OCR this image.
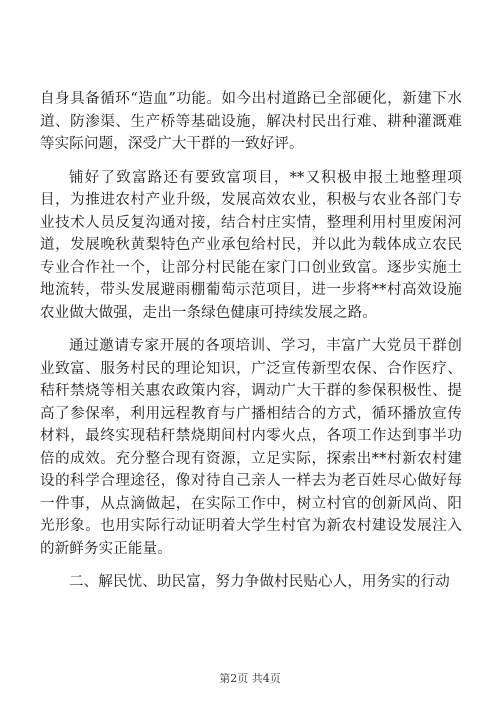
自身具备循环“造血”功能。如今出村道路已全部硬化，新建下水道、防渗渠、生产桥等基础设施，解决村民出行难、耕种灌溉难等实际问题，深受广大干群的一致好评。

铺好了致富路还有要致富项目，**又积极申报土地整理项目，为推进农村产业升级，发展高效农业，积极与农业各部门专业技术人员反复沟通对接，结合村庄实情，整理利用村里废闲河道，发展晚秋黄梨特色产业承包给村民，并以此为载体成立农民专业合作社一个，让部分村民能在家门口创业致富。逐步实施土地流转，带头发展避雨棚葡萄示范项目，进一步将**村高效设施农业做大做强，走出一条绿色健康可持续发展之路。

通过邀请专家开展的各项培训、学习，丰富广大党员干群创业致富、服务村民的理论知识，广泛宣传新型农保、合作医疗、秸秆禁烧等相关惠农政策内容，调动广大干群的参保积极性、提高了参保率，利用远程教育与广播相结合的方式，循环播放宣传材料，最终实现秸秆禁烧期间村内零火点，各项工作达到事半功倍的成效。充分整合现有资源，立足实际，探索出**村新农村建设的科学合理途径，像对待自己亲人一样去为老百姓尽心做好每一件事，从点滴做起，在实际工作中，树立村官的创新风尚、阳光形象。也用实际行动证明着大学生村官为新农村建设发展注入的新鲜务实正能量。

二、解民忧、助民富，努力争做村民贴心人，用务实的行动

第2页 共4页
